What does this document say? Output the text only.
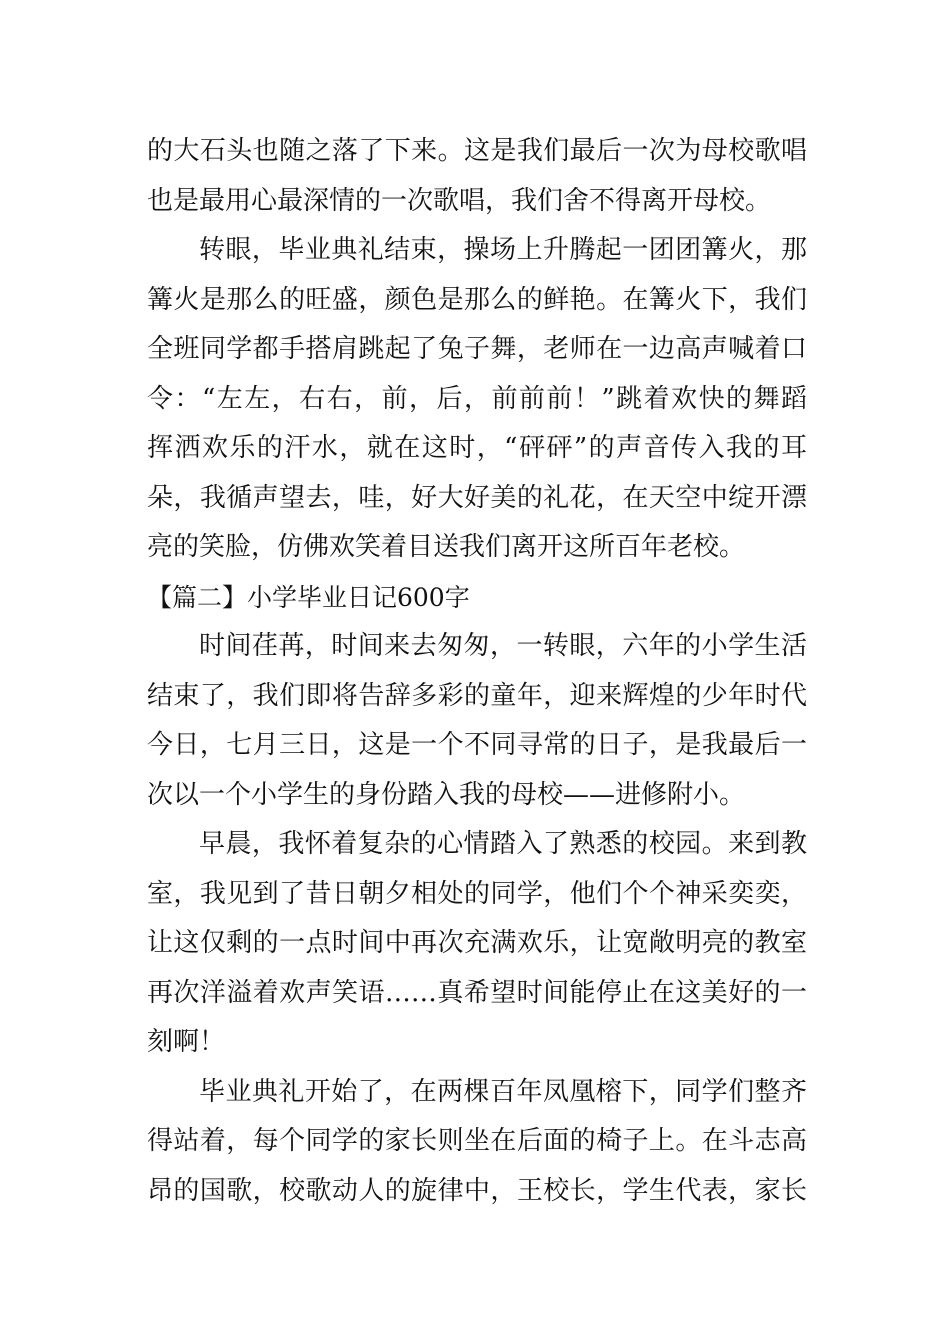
的大石头也随之落了下来。这是我们最后一次为母校歌唱
也是最用心最深情的一次歌唱，我们舍不得离开母校。
转眼，毕业典礼结束，操场上升腾起一团团篝火，那
篝火是那么的旺盛，颜色是那么的鲜艳。在篝火下，我们
全班同学都手搭肩跳起了兔子舞，老师在一边高声喊着口
令：“左左，右右，前，后，前前前！”跳着欢快的舞蹈
挥洒欢乐的汗水，就在这时，“砰砰”的声音传入我的耳
朵，我循声望去，哇，好大好美的礼花，在天空中绽开漂
亮的笑脸，仿佛欢笑着目送我们离开这所百年老校。
【篇二】小学毕业日记600字
时间荏苒，时间来去匆匆，一转眼，六年的小学生活
结束了，我们即将告辞多彩的童年，迎来辉煌的少年时代
今日，七月三日，这是一个不同寻常的日子，是我最后一
次以一个小学生的身份踏入我的母校——进修附小。
早晨，我怀着复杂的心情踏入了熟悉的校园。来到教
室，我见到了昔日朝夕相处的同学，他们个个神采奕奕，
让这仅剩的一点时间中再次充满欢乐，让宽敞明亮的教室
再次洋溢着欢声笑语……真希望时间能停止在这美好的一
刻啊！
毕业典礼开始了，在两棵百年凤凰榕下，同学们整齐
得站着，每个同学的家长则坐在后面的椅子上。在斗志高
昂的国歌，校歌动人的旋律中，王校长，学生代表，家长
